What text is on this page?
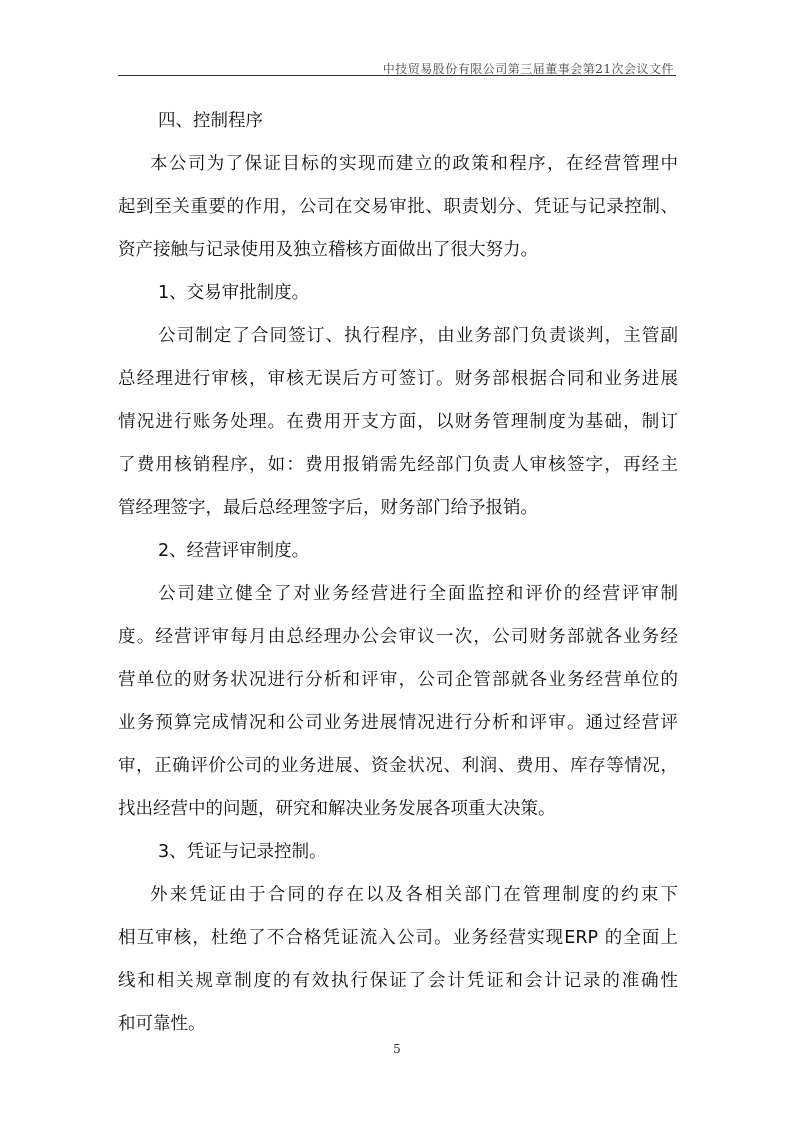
中技贸易股份有限公司第三届董事会第21次会议文件
四、控制程序
本公司为了保证目标的实现而建立的政策和程序，在经营管理中
起到至关重要的作用，公司在交易审批、职责划分、凭证与记录控制、
资产接触与记录使用及独立稽核方面做出了很大努力。
1、交易审批制度。
公司制定了合同签订、执行程序，由业务部门负责谈判，主管副
总经理进行审核，审核无误后方可签订。财务部根据合同和业务进展
情况进行账务处理。在费用开支方面，以财务管理制度为基础，制订
了费用核销程序，如：费用报销需先经部门负责人审核签字，再经主
管经理签字，最后总经理签字后，财务部门给予报销。
2、经营评审制度。
公司建立健全了对业务经营进行全面监控和评价的经营评审制
度。经营评审每月由总经理办公会审议一次，公司财务部就各业务经
营单位的财务状况进行分析和评审，公司企管部就各业务经营单位的
业务预算完成情况和公司业务进展情况进行分析和评审。通过经营评
审，正确评价公司的业务进展、资金状况、利润、费用、库存等情况，
找出经营中的问题，研究和解决业务发展各项重大决策。
3、凭证与记录控制。
外来凭证由于合同的存在以及各相关部门在管理制度的约束下
相互审核，杜绝了不合格凭证流入公司。业务经营实现ERP 的全面上
线和相关规章制度的有效执行保证了会计凭证和会计记录的准确性
和可靠性。
5
